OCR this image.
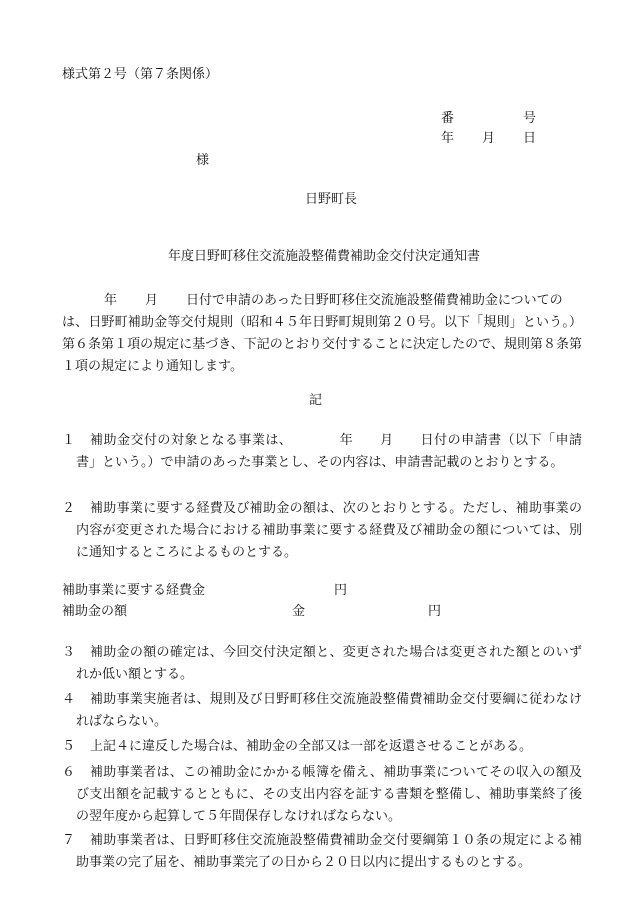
様式第２号（第７条関係）
番	号
年 月 日
様
日野町長
年度日野町移住交流施設整備費補助金交付決定通知書
年 月 日付で申請のあった日野町移住交流施設整備費補助金についての
は、日野町補助金等交付規則（昭和４５年日野町規則第２０号。以下「規則」という。）第６条第１項の規定に基づき、下記のとおり交付することに決定したので、規則第８条第１項の規定により通知します。
記
１	補助金交付の対象となる事業は、　　　　年　　月　　日付の申請書（以下「申請書」という。）で申請のあった事業とし、その内容は、申請書記載のとおりとする。
２	補助事業に要する経費及び補助金の額は、次のとおりとする。ただし、補助事業の内容が変更された場合における補助事業に要する経費及び補助金の額については、別に通知するところによるものとする。
補助事業に要する経費金	円
補助金の額	金	円
３	補助金の額の確定は、今回交付決定額と、変更された場合は変更された額とのいずれか低い額とする。
４	補助事業実施者は、規則及び日野町移住交流施設整備費補助金交付要綱に従わなければならない。
５	上記４に違反した場合は、補助金の全部又は一部を返還させることがある。
６	補助事業者は、この補助金にかかる帳簿を備え、補助事業についてその収入の額及び支出額を記載するとともに、その支出内容を証する書類を整備し、補助事業終了後の翌年度から起算して５年間保存しなければならない。
７	補助事業者は、日野町移住交流施設整備費補助金交付要綱第１０条の規定による補助事業の完了届を、補助事業完了の日から２０日以内に提出するものとする。
